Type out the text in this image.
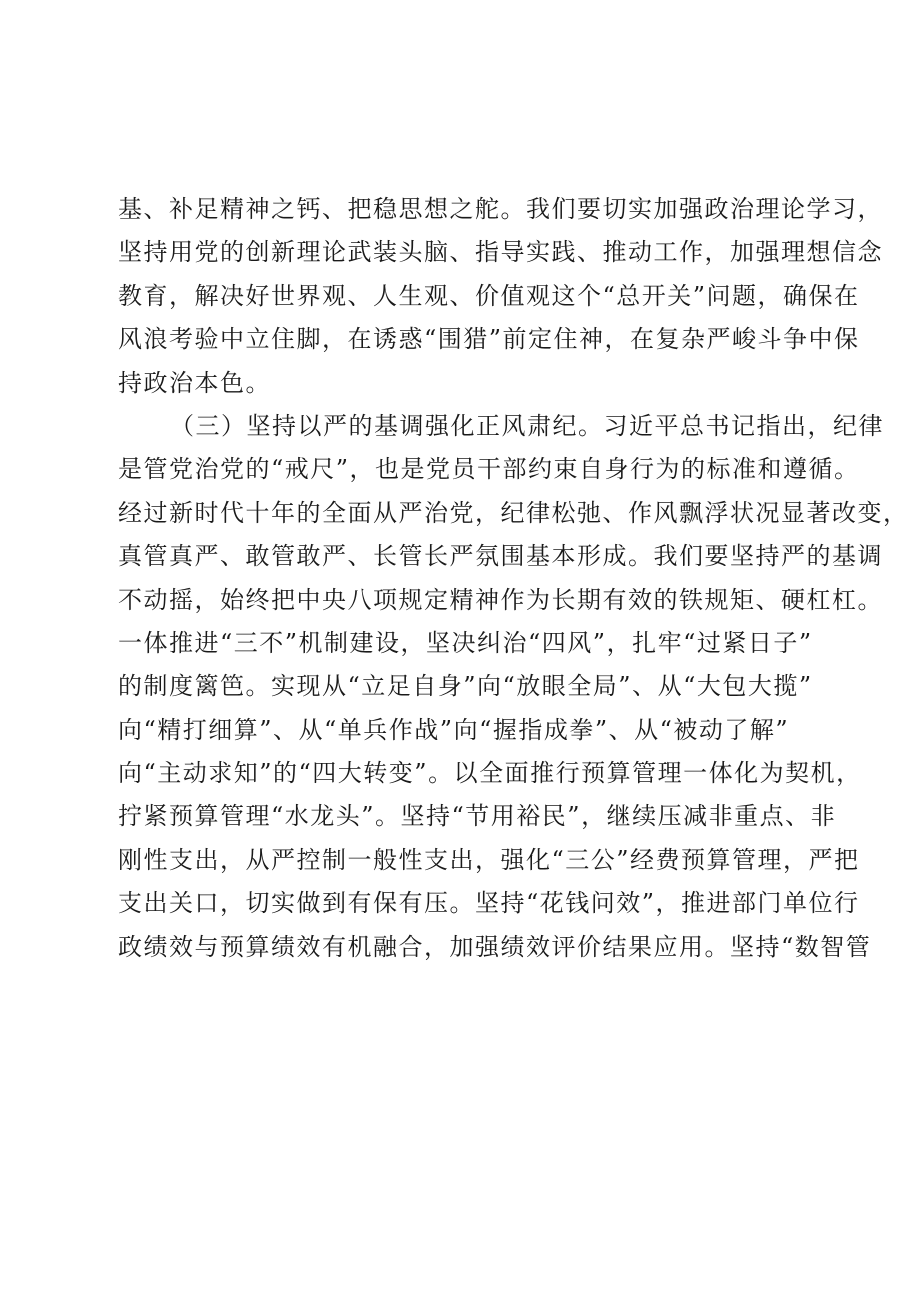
基、补足精神之钙、把稳思想之舵。我们要切实加强政治理论学习，
坚持用党的创新理论武装头脑、指导实践、推动工作，加强理想信念
教育，解决好世界观、人生观、价值观这个“总开关”问题，确保在
风浪考验中立住脚，在诱惑“围猎”前定住神，在复杂严峻斗争中保
持政治本色。
（三）坚持以严的基调强化正风肃纪。习近平总书记指出，纪律
是管党治党的“戒尺”，也是党员干部约束自身行为的标准和遵循。
经过新时代十年的全面从严治党，纪律松弛、作风飘浮状况显著改变，
真管真严、敢管敢严、长管长严氛围基本形成。我们要坚持严的基调
不动摇，始终把中央八项规定精神作为长期有效的铁规矩、硬杠杠。
一体推进“三不”机制建设，坚决纠治“四风”，扎牢“过紧日子”
的制度篱笆。实现从“立足自身”向“放眼全局”、从“大包大揽”
向“精打细算”、从“单兵作战”向“握指成拳”、从“被动了解”
向“主动求知”的“四大转变”。以全面推行预算管理一体化为契机，
拧紧预算管理“水龙头”。坚持“节用裕民”，继续压减非重点、非
刚性支出，从严控制一般性支出，强化“三公”经费预算管理，严把
支出关口，切实做到有保有压。坚持“花钱问效”，推进部门单位行
政绩效与预算绩效有机融合，加强绩效评价结果应用。坚持“数智管
